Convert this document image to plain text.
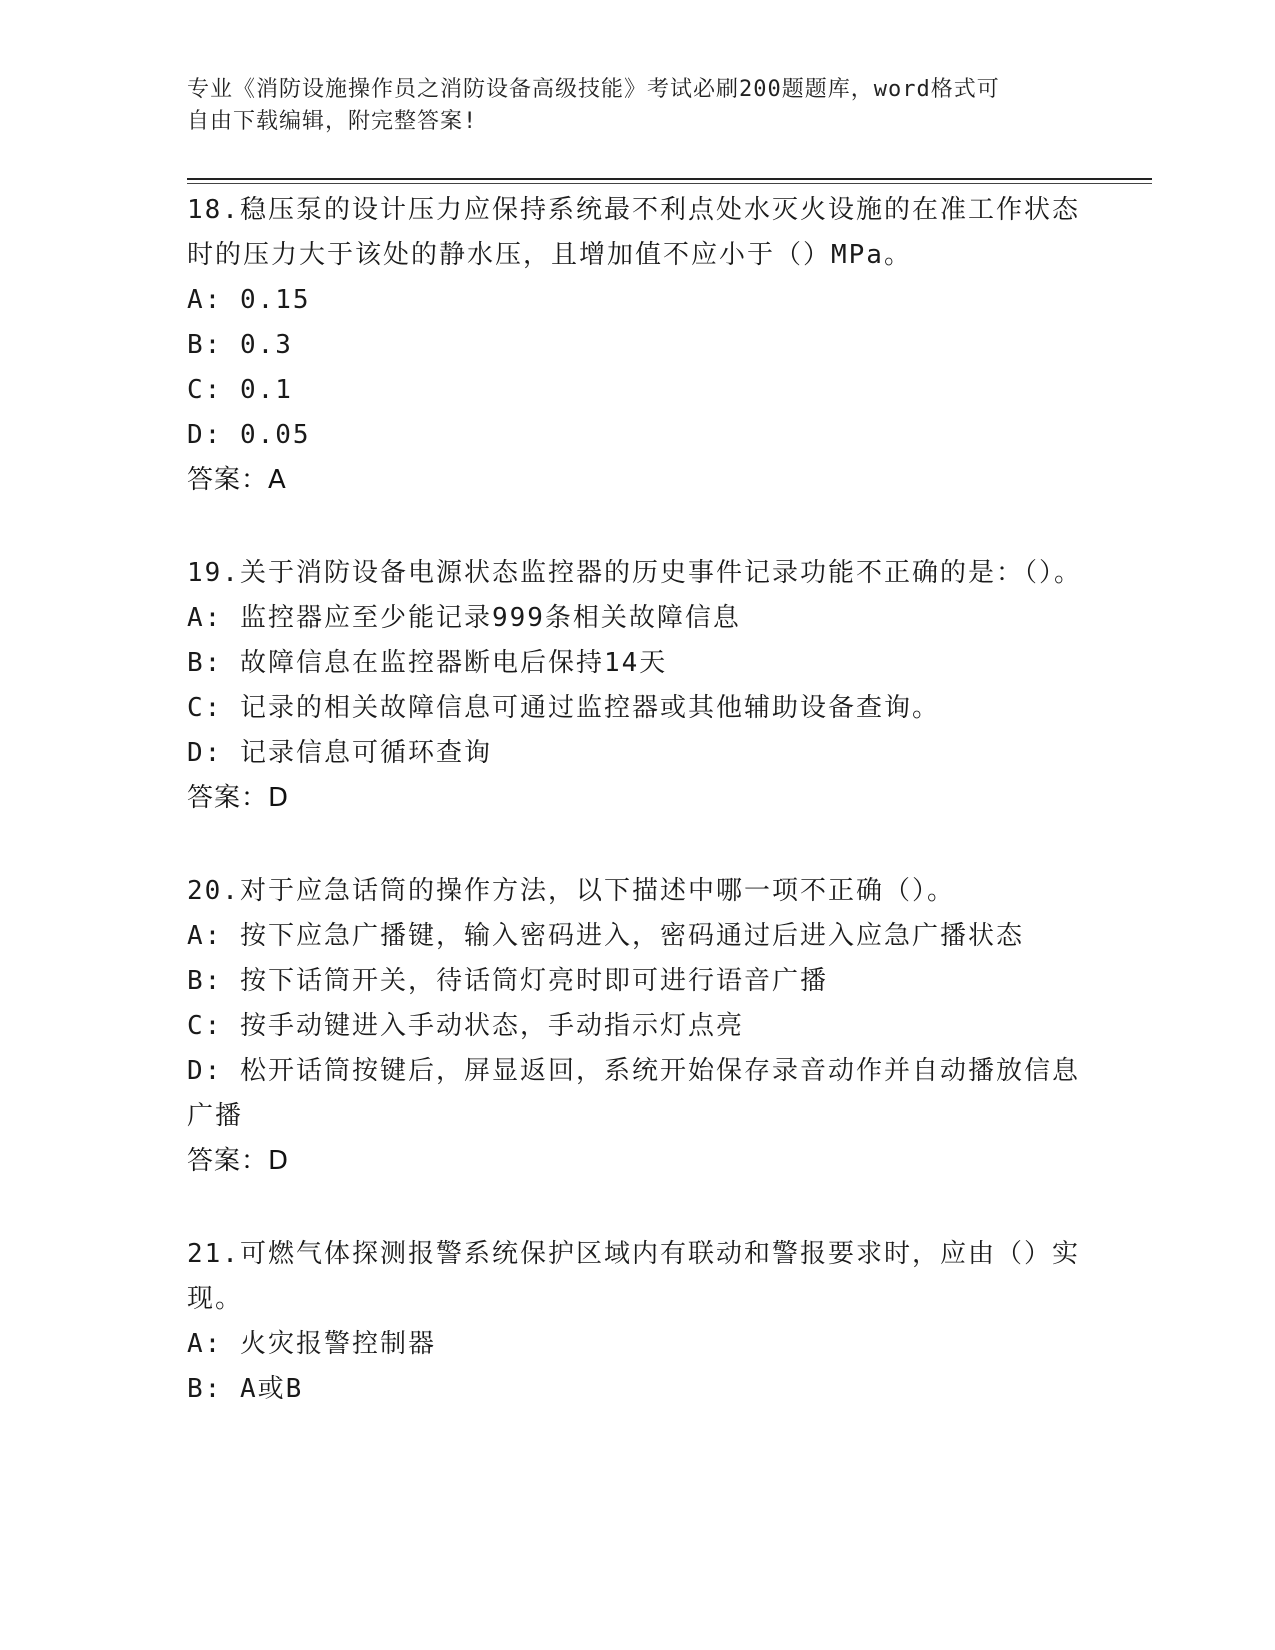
专业《消防设施操作员之消防设备高级技能》考试必刷200题题库，word格式可
自由下载编辑，附完整答案!
18.稳压泵的设计压力应保持系统最不利点处水灭火设施的在准工作状态时的压力大于该处的静水压，且增加值不应小于（）MPa。
A: 0.15
B: 0.3
C: 0.1
D: 0.05
答案：A
19.关于消防设备电源状态监控器的历史事件记录功能不正确的是：（）。
A: 监控器应至少能记录999条相关故障信息
B: 故障信息在监控器断电后保持14天
C: 记录的相关故障信息可通过监控器或其他辅助设备查询。
D: 记录信息可循环查询
答案：D
20.对于应急话筒的操作方法，以下描述中哪一项不正确（）。
A: 按下应急广播键，输入密码进入，密码通过后进入应急广播状态
B: 按下话筒开关，待话筒灯亮时即可进行语音广播
C: 按手动键进入手动状态，手动指示灯点亮
D: 松开话筒按键后，屏显返回，系统开始保存录音动作并自动播放信息广播
答案：D
21.可燃气体探测报警系统保护区域内有联动和警报要求时，应由（）实现。
A: 火灾报警控制器
B: A或B
